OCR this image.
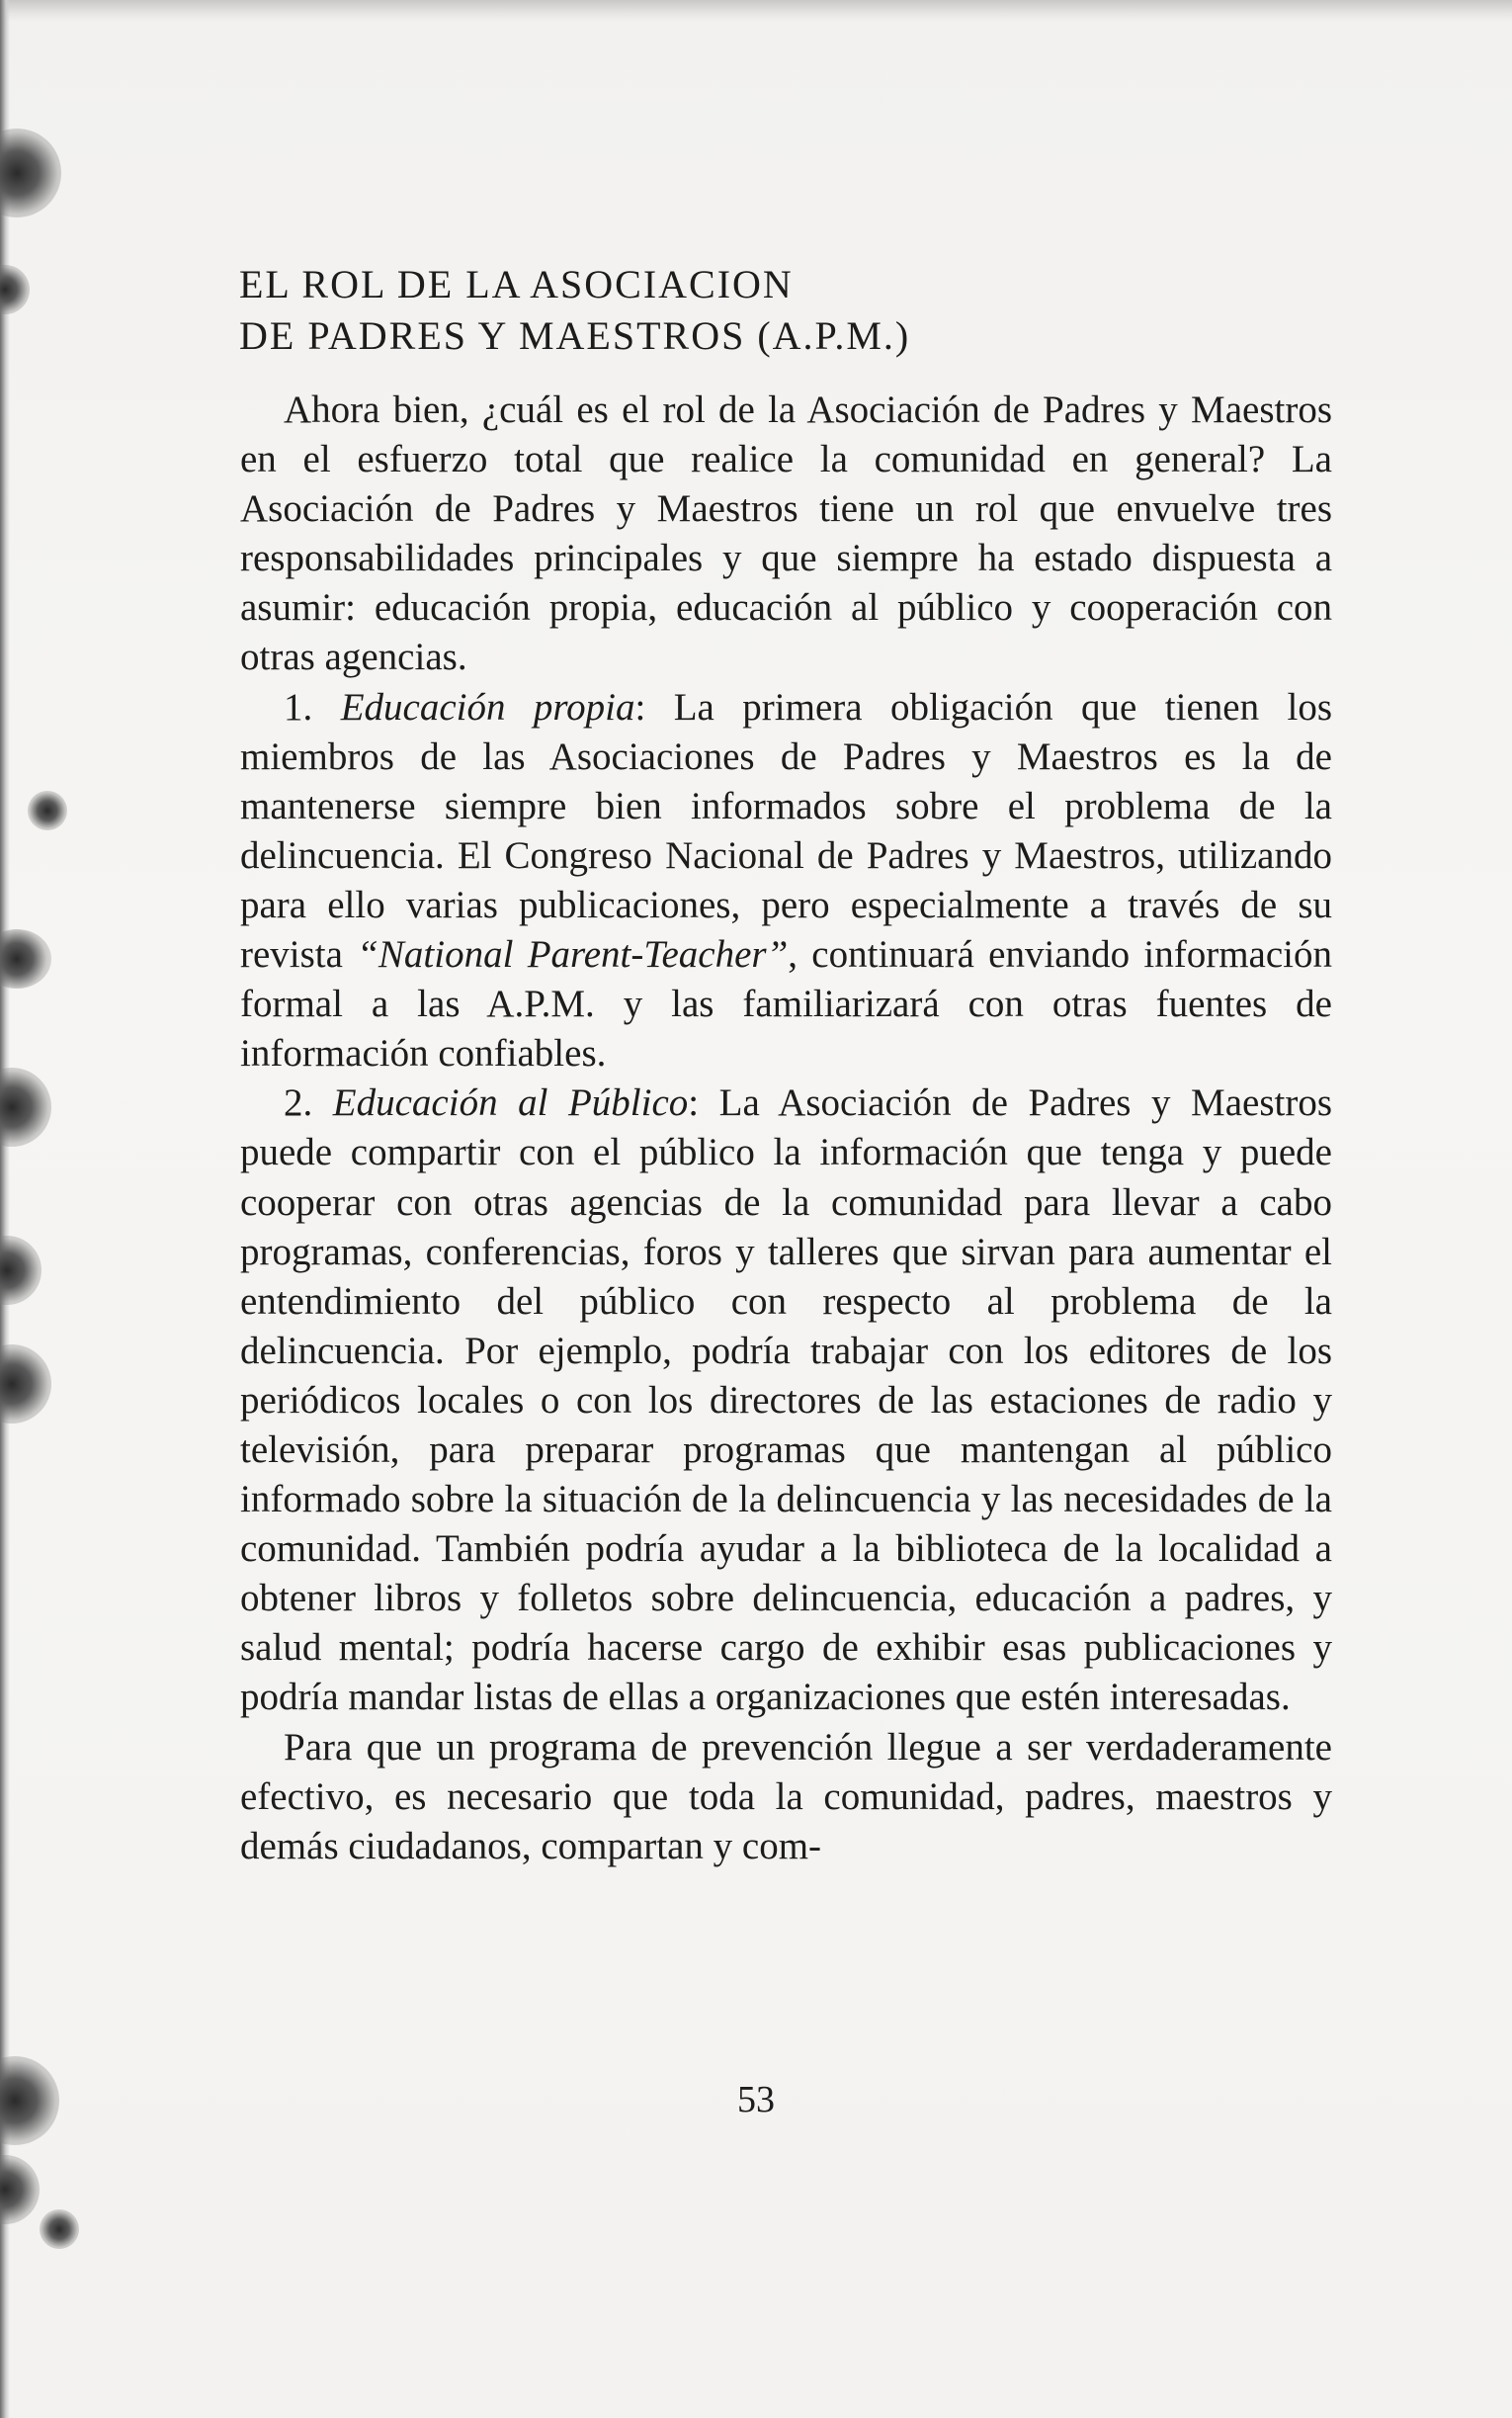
EL ROL DE LA ASOCIACION
DE PADRES Y MAESTROS (A.P.M.)

Ahora bien, ¿cuál es el rol de la Asociación de Padres y Maestros en el esfuerzo total que realice la comunidad en general? La Asociación de Padres y Maestros tiene un rol que envuelve tres responsabilidades principales y que siempre ha estado dispuesta a asumir: educación propia, educación al público y cooperación con otras agencias.

1. Educación propia: La primera obligación que tienen los miembros de las Asociaciones de Padres y Maestros es la de mantenerse siempre bien informados sobre el problema de la delincuencia. El Congreso Nacional de Padres y Maestros, utilizando para ello varias publicaciones, pero especialmente a través de su revista “National Parent-Teacher”, continuará enviando información formal a las A.P.M. y las familiarizará con otras fuentes de información confiables.

2. Educación al Público: La Asociación de Padres y Maestros puede compartir con el público la información que tenga y puede cooperar con otras agencias de la comunidad para llevar a cabo programas, conferencias, foros y talleres que sirvan para aumentar el entendimiento del público con respecto al problema de la delincuencia. Por ejemplo, podría trabajar con los editores de los periódicos locales o con los directores de las estaciones de radio y televisión, para preparar programas que mantengan al público informado sobre la situación de la delincuencia y las necesidades de la comunidad. También podría ayudar a la biblioteca de la localidad a obtener libros y folletos sobre delincuencia, educación a padres, y salud mental; podría hacerse cargo de exhibir esas publicaciones y podría mandar listas de ellas a organizaciones que estén interesadas.

Para que un programa de prevención llegue a ser verdaderamente efectivo, es necesario que toda la comunidad, padres, maestros y demás ciudadanos, compartan y com-

53
